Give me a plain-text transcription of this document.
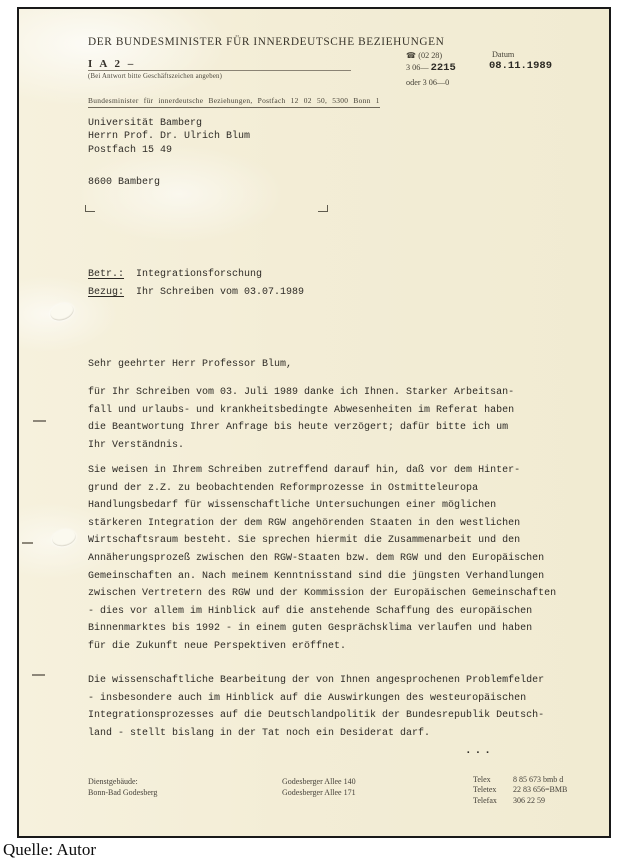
DER BUNDESMINISTER FÜR INNERDEUTSCHE BEZIEHUNGEN
I A 2 –
(Bei Antwort bitte Geschäftszeichen angeben)
Bundesminister für innerdeutsche Beziehungen, Postfach 12 02 50, 5300 Bonn 1
☎ (02 28)	Datum
3 06— 2215	08.11.1989
oder 3 06—0
Universität Bamberg
Herrn Prof. Dr. Ulrich Blum
Postfach 15 49
8600 Bamberg
Betr.: Integrationsforschung
Bezug: Ihr Schreiben vom 03.07.1989
Sehr geehrter Herr Professor Blum,
für Ihr Schreiben vom 03. Juli 1989 danke ich Ihnen. Starker Arbeitsan-
fall und urlaubs- und krankheitsbedingte Abwesenheiten im Referat haben
die Beantwortung Ihrer Anfrage bis heute verzögert; dafür bitte ich um
Ihr Verständnis.
Sie weisen in Ihrem Schreiben zutreffend darauf hin, daß vor dem Hinter-
grund der z.Z. zu beobachtenden Reformprozesse in Ostmitteleuropa
Handlungsbedarf für wissenschaftliche Untersuchungen einer möglichen
stärkeren Integration der dem RGW angehörenden Staaten in den westlichen
Wirtschaftsraum besteht. Sie sprechen hiermit die Zusammenarbeit und den
Annäherungsprozeß zwischen den RGW-Staaten bzw. dem RGW und den Europäischen
Gemeinschaften an. Nach meinem Kenntnisstand sind die jüngsten Verhandlungen
zwischen Vertretern des RGW und der Kommission der Europäischen Gemeinschaften
- dies vor allem im Hinblick auf die anstehende Schaffung des europäischen
Binnenmarktes bis 1992 - in einem guten Gesprächsklima verlaufen und haben
für die Zukunft neue Perspektiven eröffnet.
Die wissenschaftliche Bearbeitung der von Ihnen angesprochenen Problemfelder
- insbesondere auch im Hinblick auf die Auswirkungen des westeuropäischen
Integrationsprozesses auf die Deutschlandpolitik der Bundesrepublik Deutsch-
land - stellt bislang in der Tat noch ein Desiderat darf.
...
Dienstgebäude:
Bonn-Bad Godesberg
Godesberger Allee 140
Godesberger Allee 171
Telex	8 85 673 bmb d
Teletex 22 83 656=BMB
Telefax 306 22 59
Quelle: Autor
